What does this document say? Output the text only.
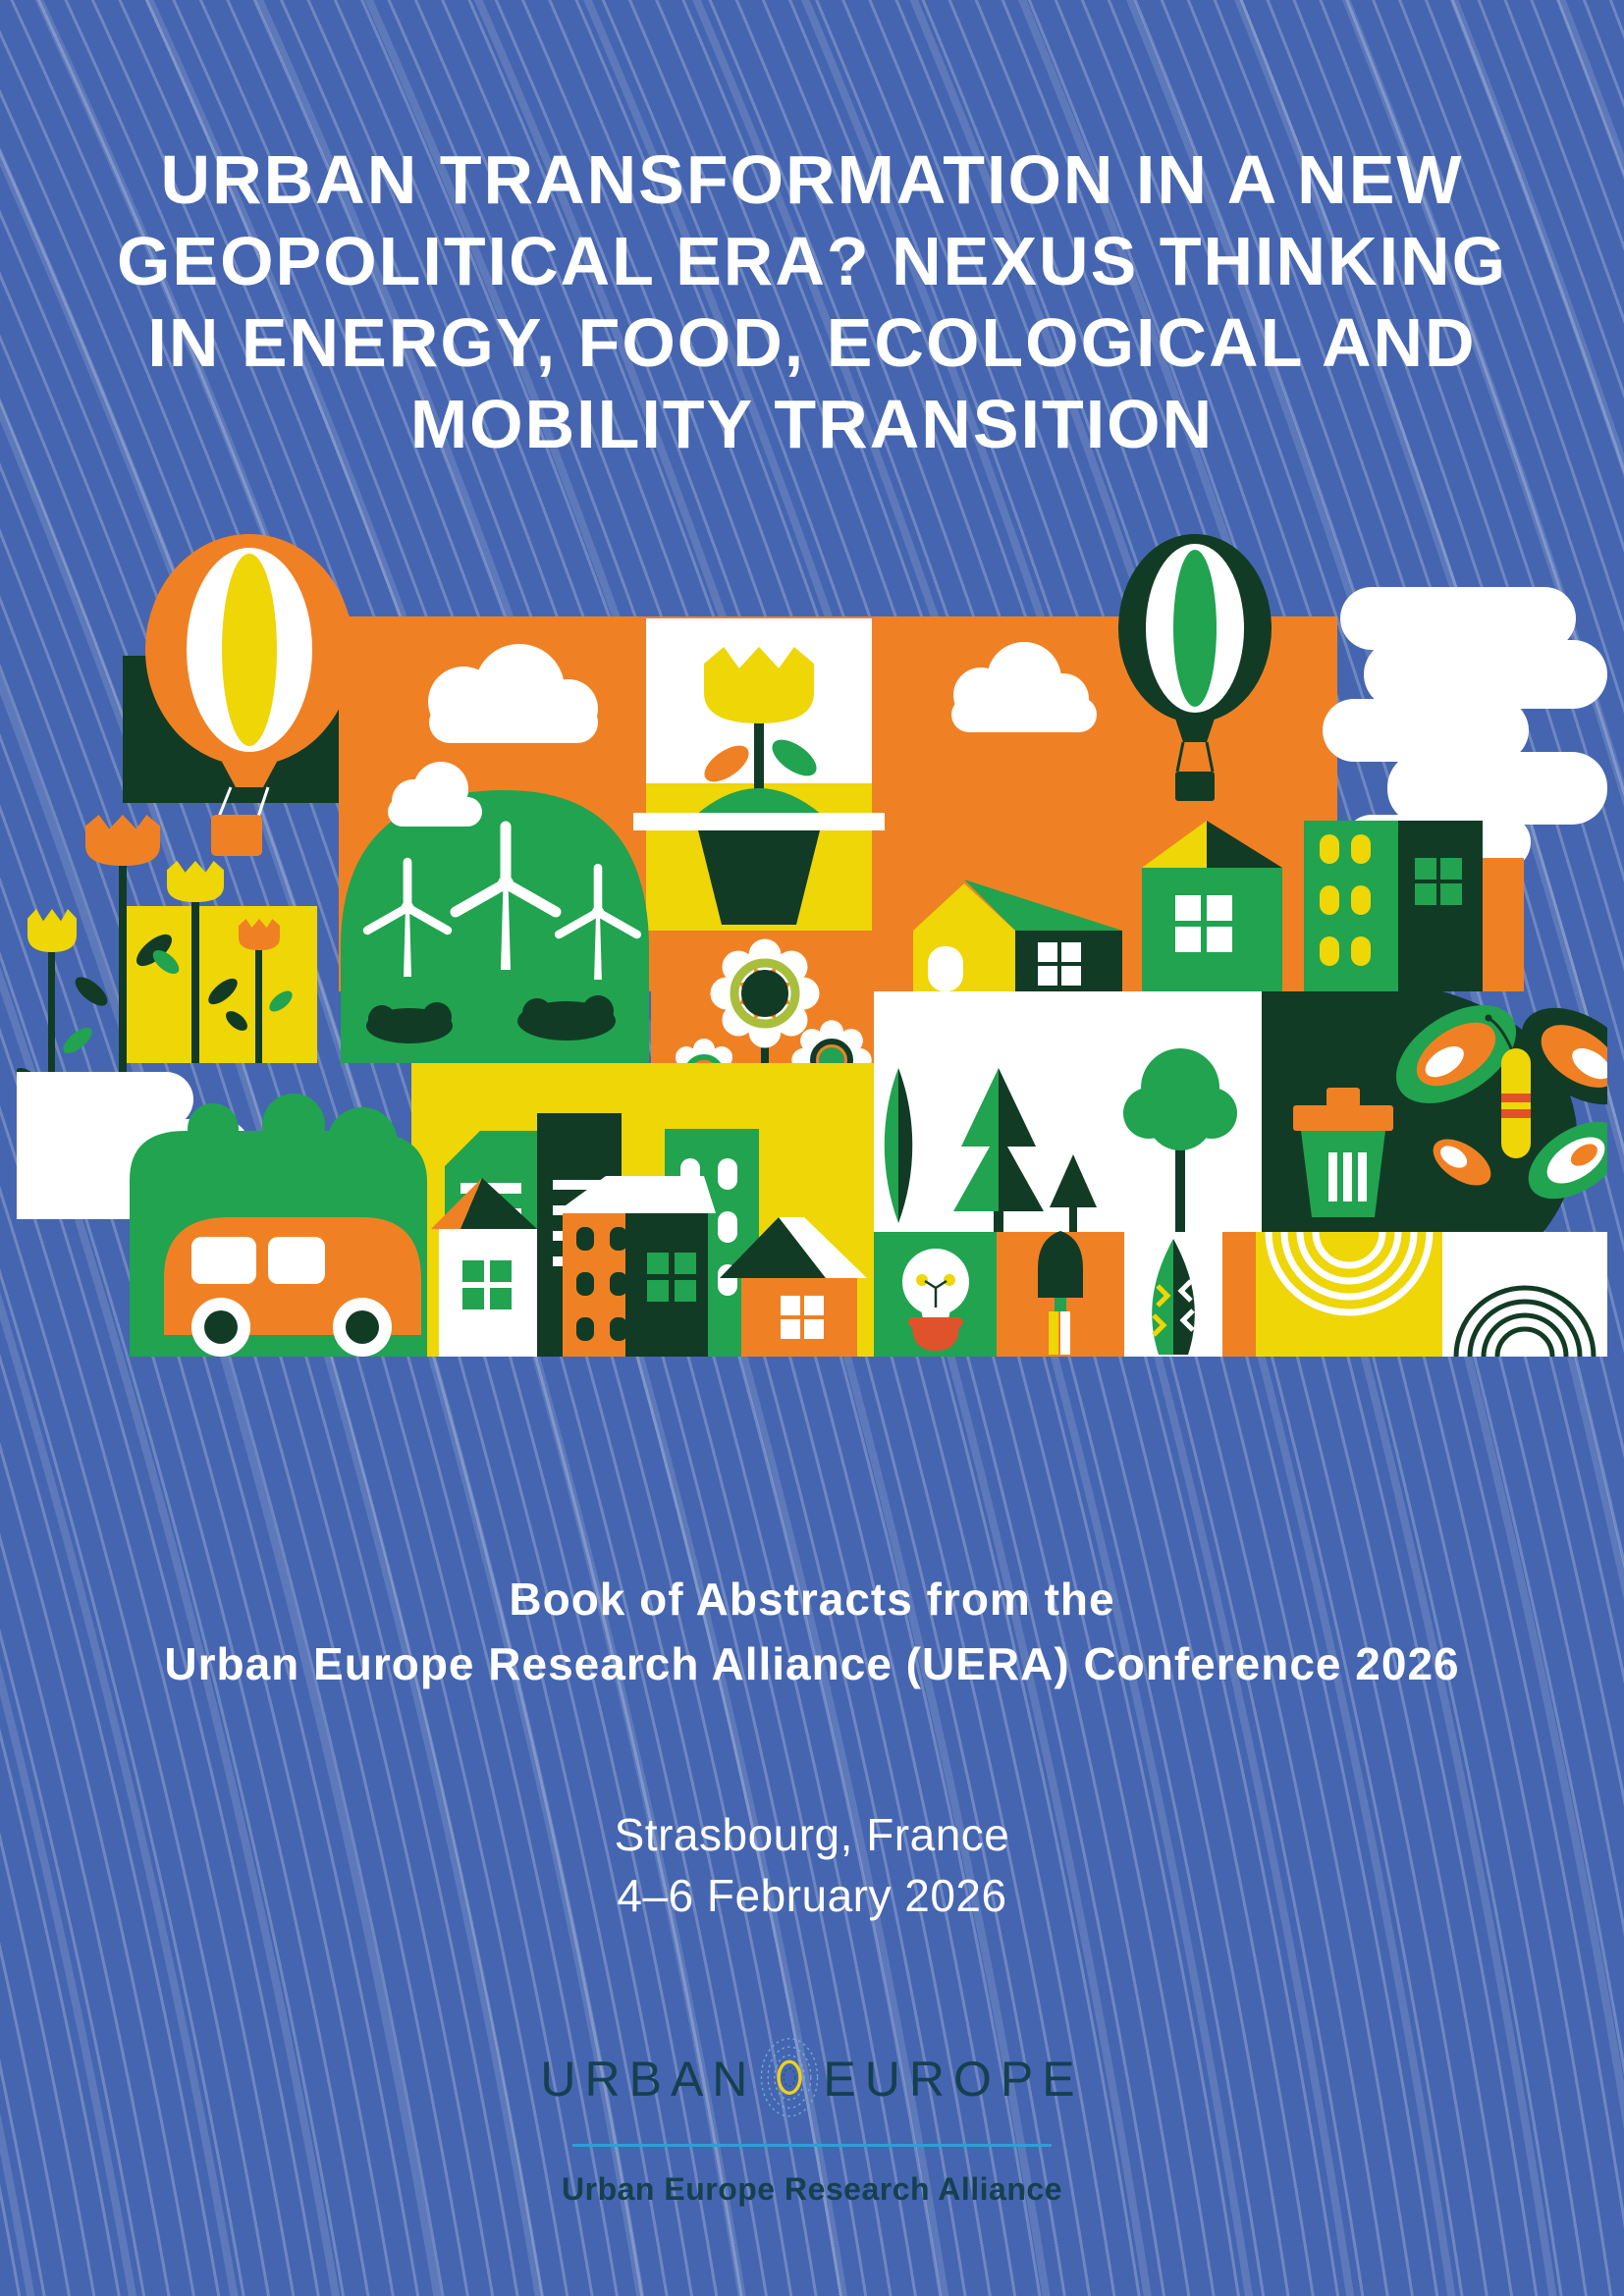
URBAN TRANSFORMATION IN A NEW
GEOPOLITICAL ERA? NEXUS THINKING
IN ENERGY, FOOD, ECOLOGICAL AND
MOBILITY TRANSITION
Book of Abstracts from the
Urban Europe Research Alliance (UERA) Conference 2026
Strasbourg, France
4–6 February 2026
URBAN EUROPE
Urban Europe Research Alliance
